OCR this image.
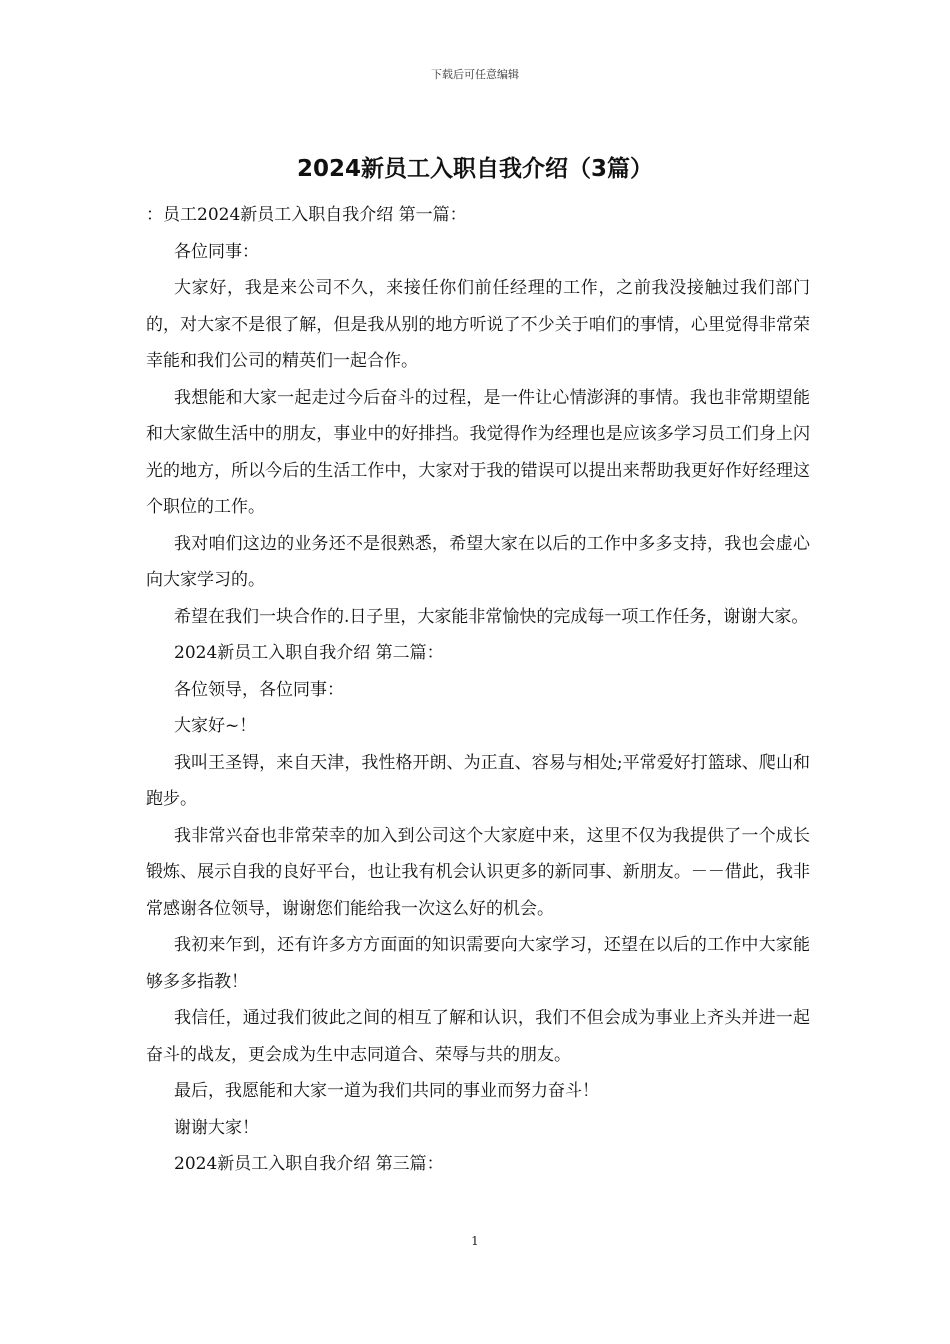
下载后可任意编辑
2024新员工入职自我介绍（3篇）

：员工2024新员工入职自我介绍 第一篇：

各位同事：

大家好，我是来公司不久，来接任你们前任经理的工作，之前我没接触过我们部门的，对大家不是很了解，但是我从别的地方听说了不少关于咱们的事情，心里觉得非常荣幸能和我们公司的精英们一起合作。

我想能和大家一起走过今后奋斗的过程，是一件让心情澎湃的事情。我也非常期望能和大家做生活中的朋友，事业中的好排挡。我觉得作为经理也是应该多学习员工们身上闪光的地方，所以今后的生活工作中，大家对于我的错误可以提出来帮助我更好作好经理这个职位的工作。

我对咱们这边的业务还不是很熟悉，希望大家在以后的工作中多多支持，我也会虚心向大家学习的。

希望在我们一块合作的.日子里，大家能非常愉快的完成每一项工作任务，谢谢大家。

2024新员工入职自我介绍 第二篇：

各位领导，各位同事：

大家好~！

我叫王圣锝，来自天津，我性格开朗、为正直、容易与相处;平常爱好打篮球、爬山和跑步。

我非常兴奋也非常荣幸的加入到公司这个大家庭中来，这里不仅为我提供了一个成长锻炼、展示自我的良好平台，也让我有机会认识更多的新同事、新朋友。－－借此，我非常感谢各位领导，谢谢您们能给我一次这么好的机会。

我初来乍到，还有许多方方面面的知识需要向大家学习，还望在以后的工作中大家能够多多指教！

我信任，通过我们彼此之间的相互了解和认识，我们不但会成为事业上齐头并进一起奋斗的战友，更会成为生中志同道合、荣辱与共的朋友。

最后，我愿能和大家一道为我们共同的事业而努力奋斗！

谢谢大家！

2024新员工入职自我介绍 第三篇：

1
